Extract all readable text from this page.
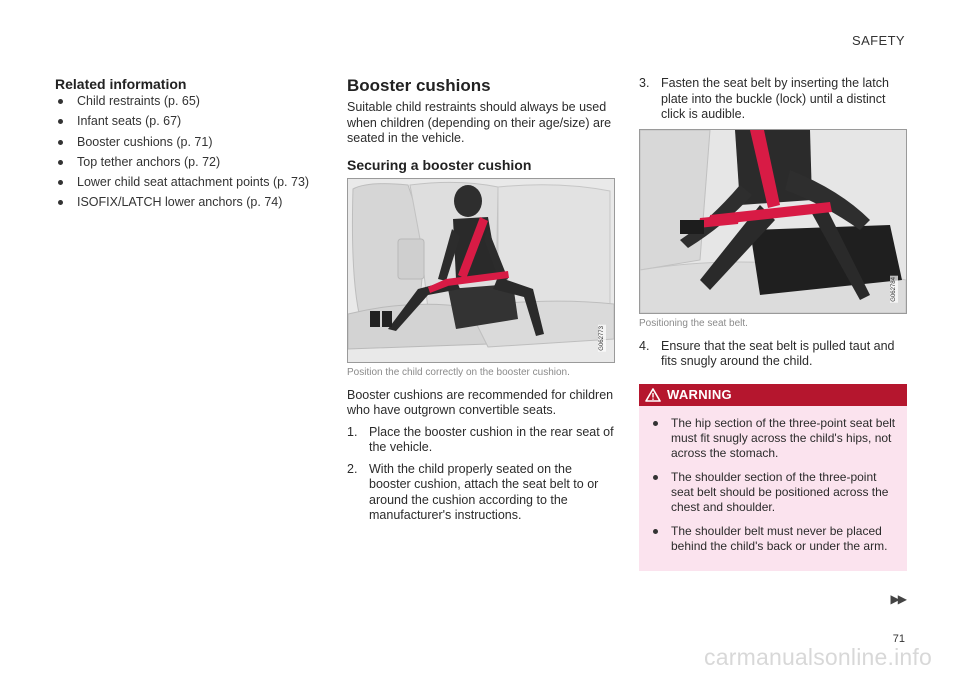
SAFETY
Related information
Child restraints (p. 65)
Infant seats (p. 67)
Booster cushions (p. 71)
Top tether anchors (p. 72)
Lower child seat attachment points (p. 73)
ISOFIX/LATCH lower anchors (p. 74)
Booster cushions

Suitable child restraints should always be used when children (depending on their age/size) are seated in the vehicle.

Securing a booster cushion
G062773
Position the child correctly on the booster cushion.

Booster cushions are recommended for children who have outgrown convertible seats.

1. Place the booster cushion in the rear seat of the vehicle.
2. With the child properly seated on the booster cushion, attach the seat belt to or around the cushion according to the manufacturer's instructions.
3. Fasten the seat belt by inserting the latch plate into the buckle (lock) until a distinct click is audible.
G062784
Positioning the seat belt.
4. Ensure that the seat belt is pulled taut and fits snugly around the child.
WARNING
The hip section of the three-point seat belt must fit snugly across the child's hips, not across the stomach.
The shoulder section of the three-point seat belt should be positioned across the chest and shoulder.
The shoulder belt must never be placed behind the child's back or under the arm.
▶▶
71
carmanualsonline.info
